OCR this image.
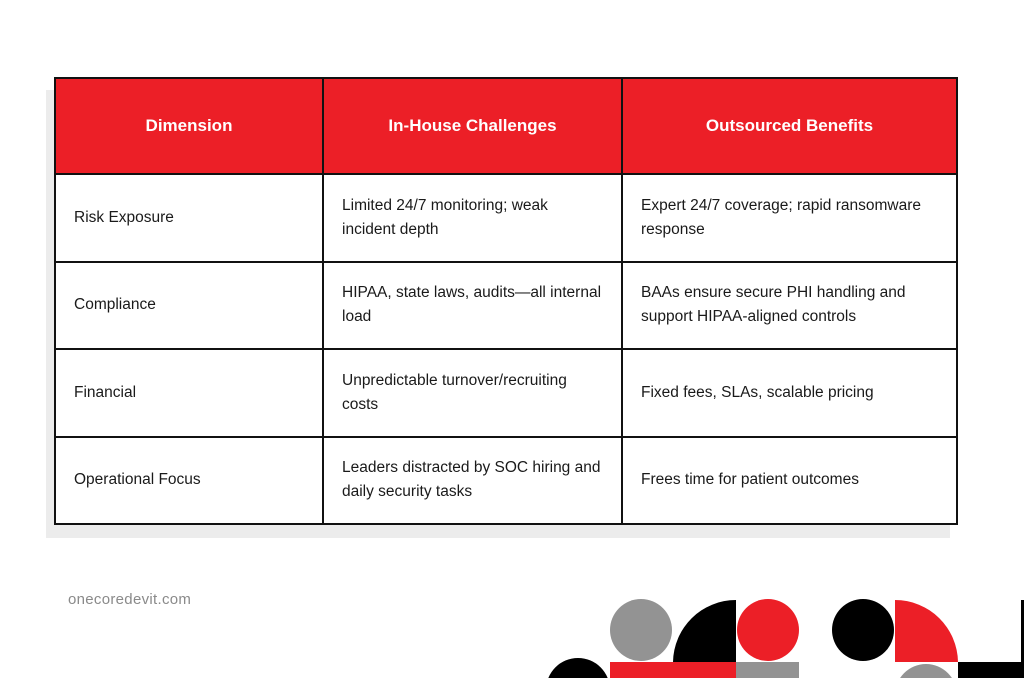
Dimension	In-House Challenges	Outsourced Benefits
Risk Exposure	Limited 24/7 monitoring; weak incident depth	Expert 24/7 coverage; rapid ransomware response
Compliance	HIPAA, state laws, audits—all internal load	BAAs ensure secure PHI handling and support HIPAA-aligned controls
Financial	Unpredictable turnover/recruiting costs	Fixed fees, SLAs, scalable pricing
Operational Focus	Leaders distracted by SOC hiring and daily security tasks	Frees time for patient outcomes
onecoredevit.com
